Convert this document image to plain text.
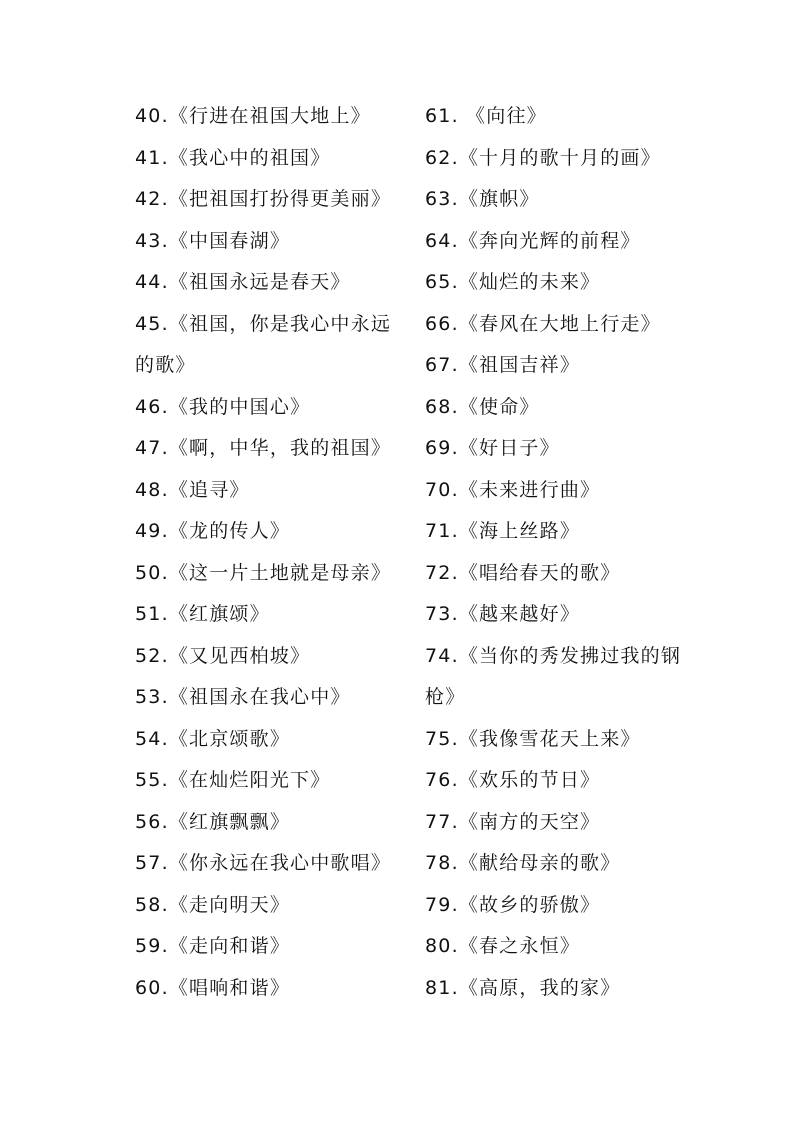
40.《行进在祖国大地上》
41.《我心中的祖国》
42.《把祖国打扮得更美丽》
43.《中国春湖》
44.《祖国永远是春天》
45.《祖国，你是我心中永远的歌》
46.《我的中国心》
47.《啊，中华，我的祖国》
48.《追寻》
49.《龙的传人》
50.《这一片土地就是母亲》
51.《红旗颂》
52.《又见西柏坡》
53.《祖国永在我心中》
54.《北京颂歌》
55.《在灿烂阳光下》
56.《红旗飘飘》
57.《你永远在我心中歌唱》
58.《走向明天》
59.《走向和谐》
60.《唱响和谐》
61. 《向往》
62.《十月的歌十月的画》
63.《旗帜》
64.《奔向光辉的前程》
65.《灿烂的未来》
66.《春风在大地上行走》
67.《祖国吉祥》
68.《使命》
69.《好日子》
70.《未来进行曲》
71.《海上丝路》
72.《唱给春天的歌》
73.《越来越好》
74.《当你的秀发拂过我的钢枪》
75.《我像雪花天上来》
76.《欢乐的节日》
77.《南方的天空》
78.《献给母亲的歌》
79.《故乡的骄傲》
80.《春之永恒》
81.《高原，我的家》
